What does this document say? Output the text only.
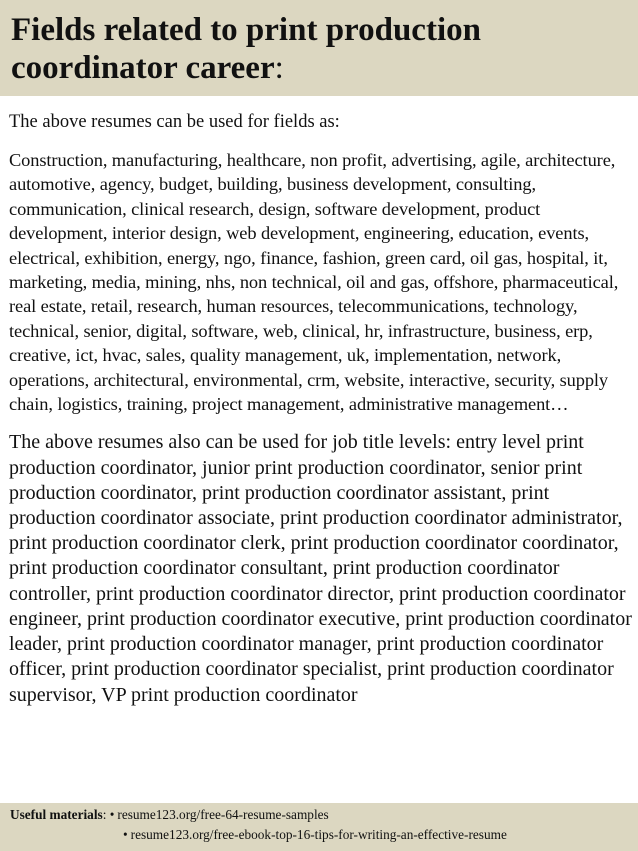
Fields related to print production
coordinator career:

The above resumes can be used for fields as:

Construction, manufacturing, healthcare, non profit, advertising, agile, architecture, automotive, agency, budget, building, business development, consulting, communication, clinical research, design, software development, product development, interior design, web development, engineering, education, events, electrical, exhibition, energy, ngo, finance, fashion, green card, oil gas, hospital, it, marketing, media, mining, nhs, non technical, oil and gas, offshore, pharmaceutical, real estate, retail, research, human resources, telecommunications, technology, technical, senior, digital, software, web, clinical, hr, infrastructure, business, erp, creative, ict, hvac, sales, quality management, uk, implementation, network, operations, architectural, environmental, crm, website, interactive, security, supply chain, logistics, training, project management, administrative management…

The above resumes also can be used for job title levels: entry level print production coordinator, junior print production coordinator, senior print production coordinator, print production coordinator assistant, print production coordinator associate, print production coordinator administrator, print production coordinator clerk, print production coordinator coordinator, print production coordinator consultant, print production coordinator controller, print production coordinator director, print production coordinator engineer, print production coordinator executive, print production coordinator leader, print production coordinator manager, print production coordinator officer, print production coordinator specialist, print production coordinator supervisor, VP print production coordinator

Useful materials: • resume123.org/free-64-resume-samples
• resume123.org/free-ebook-top-16-tips-for-writing-an-effective-resume
